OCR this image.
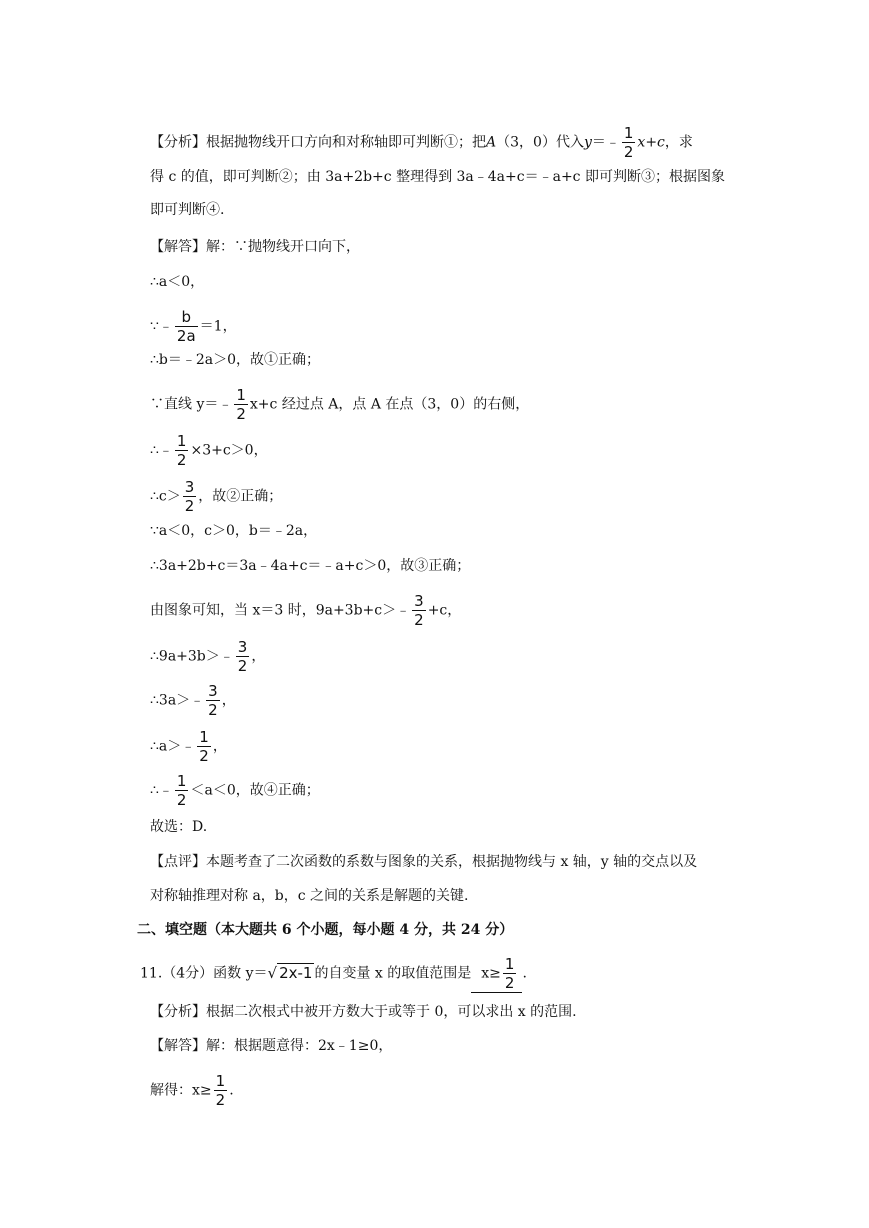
【分析】根据抛物线开口方向和对称轴即可判断①；把A（3，0）代入y＝﹣ $\frac{1}{2} x+c$，求
得 c 的值，即可判断②；由 3a+2b+c 整理得到 3a﹣4a+c＝﹣a+c 即可判断③；根据图象
即可判断④.
【解答】解：∵抛物线开口向下，
∴a＜0，
∵﹣ $\frac{b}{2a} =1$，
∴b＝﹣2a＞0，故①正确；
∵直线 y＝﹣ $\frac{1}{2} x+c$ 经过点 A，点 A 在点（3，0）的右侧，
∴﹣ $\frac{1}{2} \times 3+c>0$，
∴c＞ $\frac{3}{2}$ ，故②正确；
∵a＜0，c＞0，b＝﹣2a，
∴3a+2b+c＝3a﹣4a+c＝﹣a+c＞0，故③正确；
由图象可知，当 x＝3 时，9a+3b+c＞﹣ $\frac{3}{2} +c$，
∴9a+3b＞﹣ $\frac{3}{2}$ ，
∴3a＞﹣ $\frac{3}{2}$ ，
∴a＞﹣ $\frac{1}{2}$ ，
∴﹣ $\frac{1}{2} <a<0$，故④正确；
故选：D.
【点评】本题考查了二次函数的系数与图象的关系，根据抛物线与 x 轴，y 轴的交点以及
对称轴推理对称 a，b，c 之间的关系是解题的关键.
二、填空题（本大题共 6 个小题，每小题 4 分，共 24 分）
11.（4分）函数 y＝√ 2x-1 的自变量 x 的取值范围是 $x\ge \frac{1}{2}$ .
【分析】根据二次根式中被开方数大于或等于 0，可以求出 x 的范围.
【解答】解：根据题意得：2x﹣1≥0，
解得：$x\ge \frac{1}{2}$ .
